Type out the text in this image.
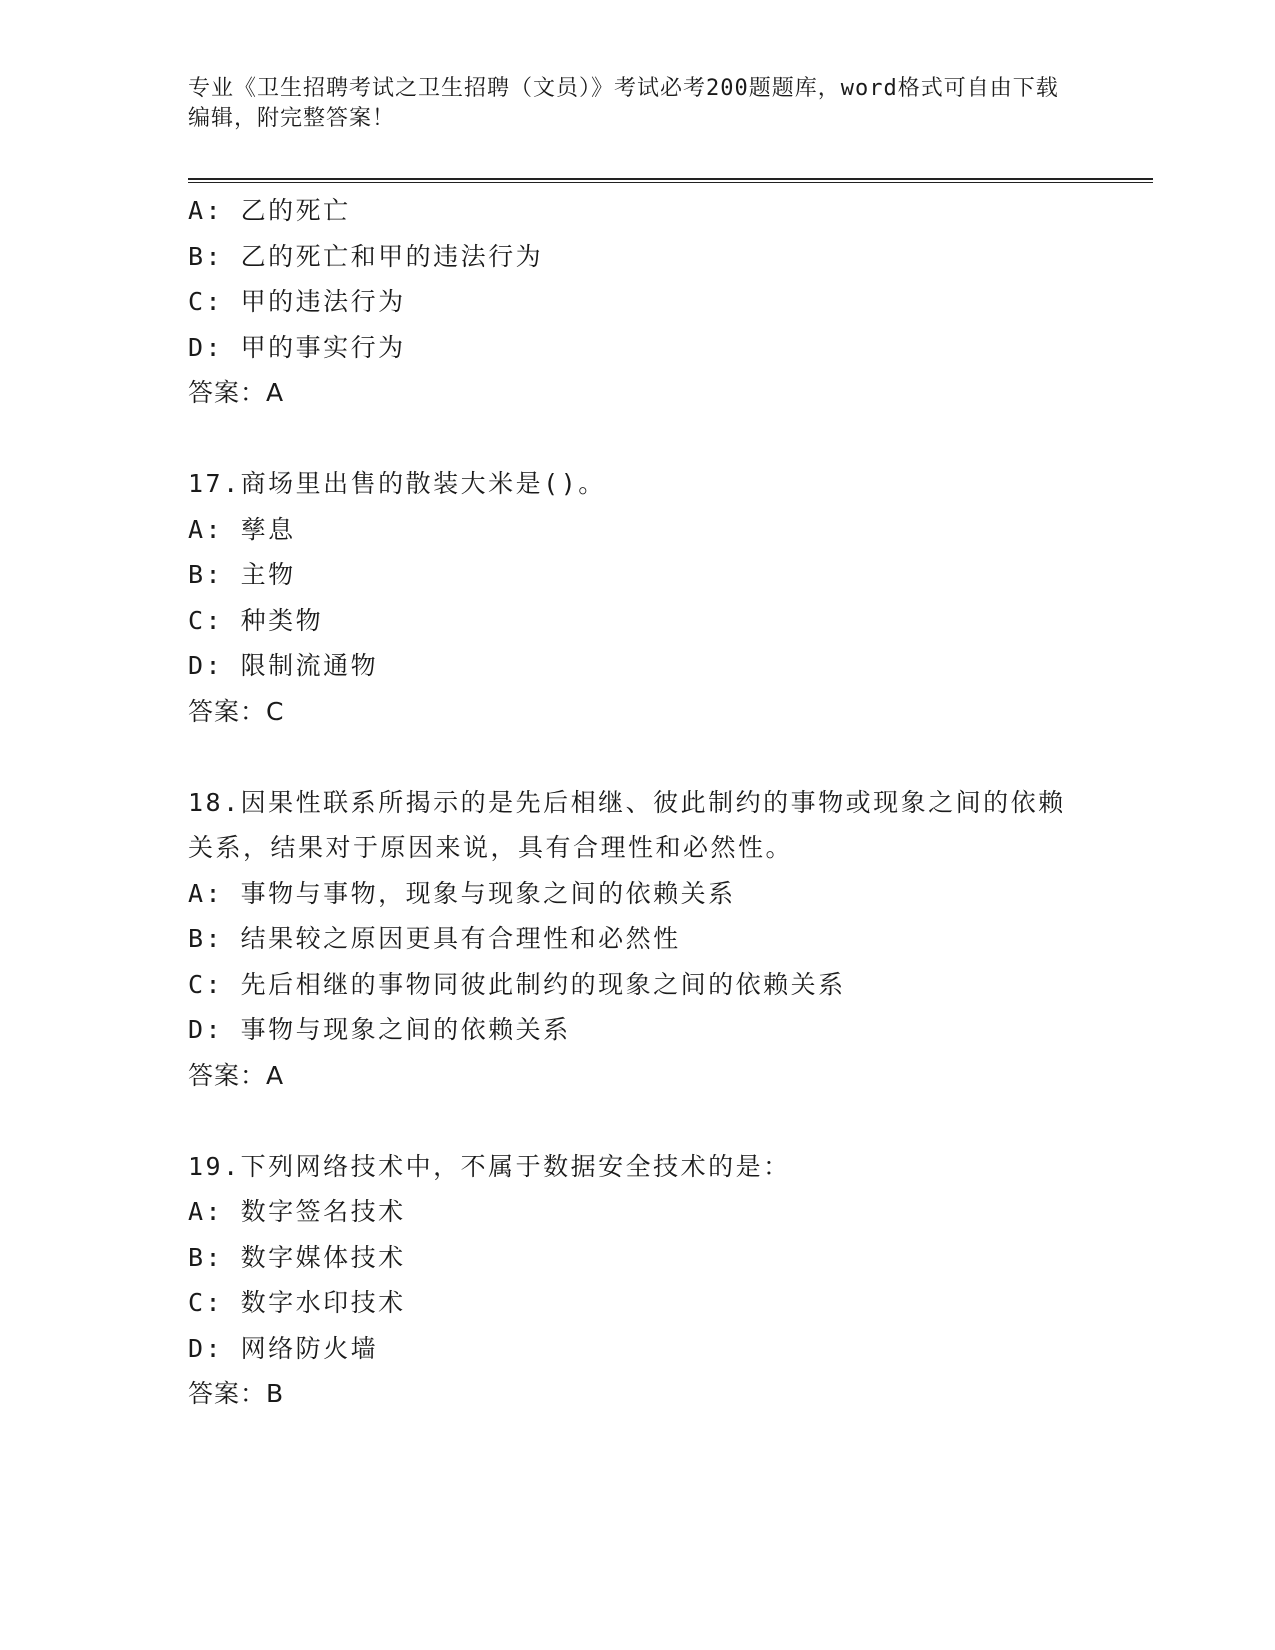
专业《卫生招聘考试之卫生招聘（文员）》考试必考200题题库，word格式可自由下载编辑，附完整答案！
A: 乙的死亡
B: 乙的死亡和甲的违法行为
C: 甲的违法行为
D: 甲的事实行为
答案：A
17.商场里出售的散装大米是()。
A: 孳息
B: 主物
C: 种类物
D: 限制流通物
答案：C
18.因果性联系所揭示的是先后相继、彼此制约的事物或现象之间的依赖关系，结果对于原因来说，具有合理性和必然性。
A: 事物与事物，现象与现象之间的依赖关系
B: 结果较之原因更具有合理性和必然性
C: 先后相继的事物同彼此制约的现象之间的依赖关系
D: 事物与现象之间的依赖关系
答案：A
19.下列网络技术中，不属于数据安全技术的是：
A: 数字签名技术
B: 数字媒体技术
C: 数字水印技术
D: 网络防火墙
答案：B
